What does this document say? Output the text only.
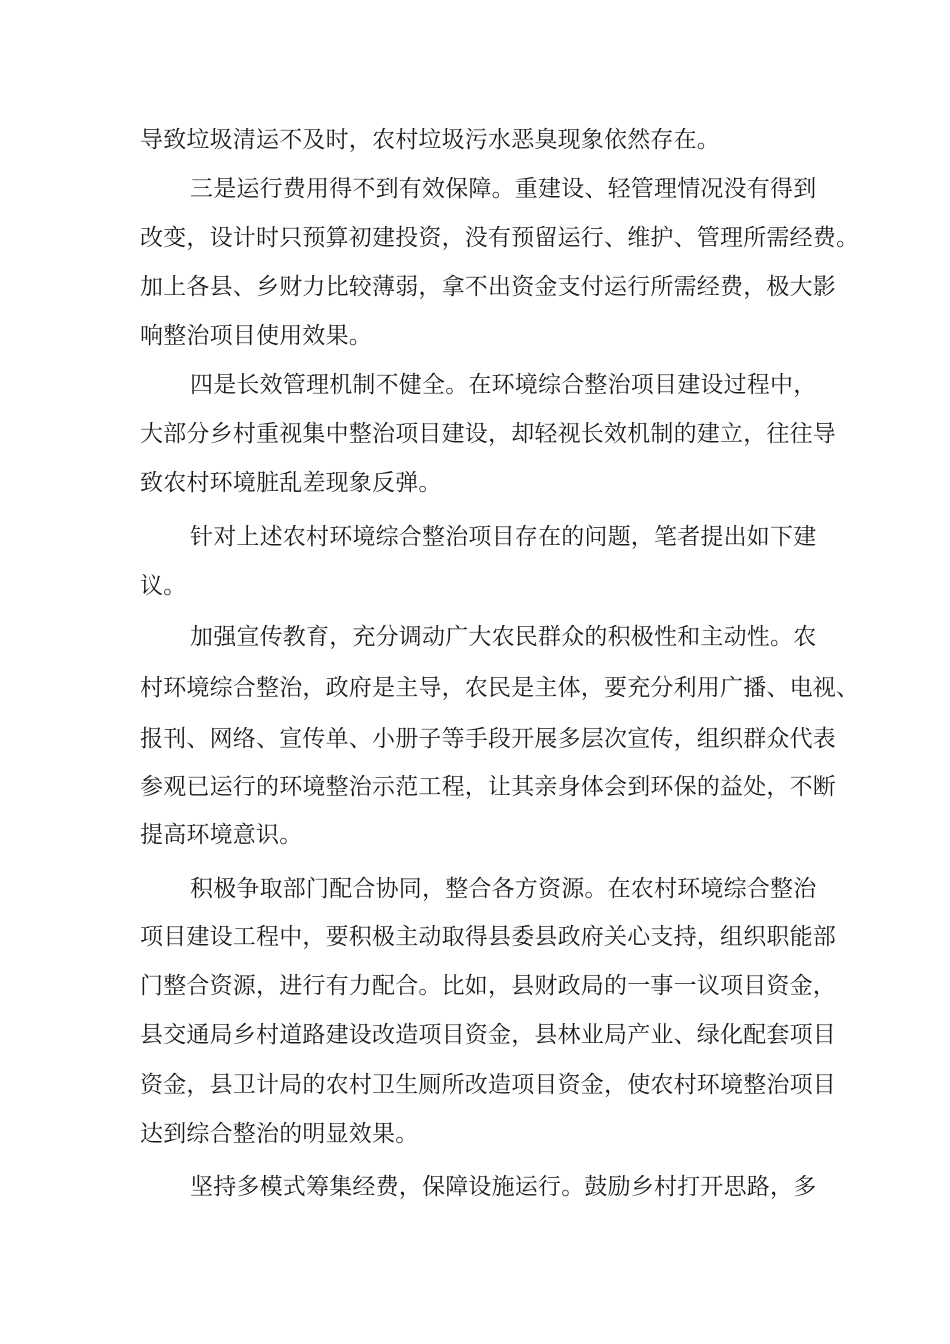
导致垃圾清运不及时，农村垃圾污水恶臭现象依然存在。
三是运行费用得不到有效保障。重建设、轻管理情况没有得到
改变，设计时只预算初建投资，没有预留运行、维护、管理所需经费。
加上各县、乡财力比较薄弱，拿不出资金支付运行所需经费，极大影
响整治项目使用效果。
四是长效管理机制不健全。在环境综合整治项目建设过程中，
大部分乡村重视集中整治项目建设，却轻视长效机制的建立，往往导
致农村环境脏乱差现象反弹。
针对上述农村环境综合整治项目存在的问题，笔者提出如下建
议。
加强宣传教育，充分调动广大农民群众的积极性和主动性。农
村环境综合整治，政府是主导，农民是主体，要充分利用广播、电视、
报刊、网络、宣传单、小册子等手段开展多层次宣传，组织群众代表
参观已运行的环境整治示范工程，让其亲身体会到环保的益处，不断
提高环境意识。
积极争取部门配合协同，整合各方资源。在农村环境综合整治
项目建设工程中，要积极主动取得县委县政府关心支持，组织职能部
门整合资源，进行有力配合。比如，县财政局的一事一议项目资金，
县交通局乡村道路建设改造项目资金，县林业局产业、绿化配套项目
资金，县卫计局的农村卫生厕所改造项目资金，使农村环境整治项目
达到综合整治的明显效果。
坚持多模式筹集经费，保障设施运行。鼓励乡村打开思路，多
